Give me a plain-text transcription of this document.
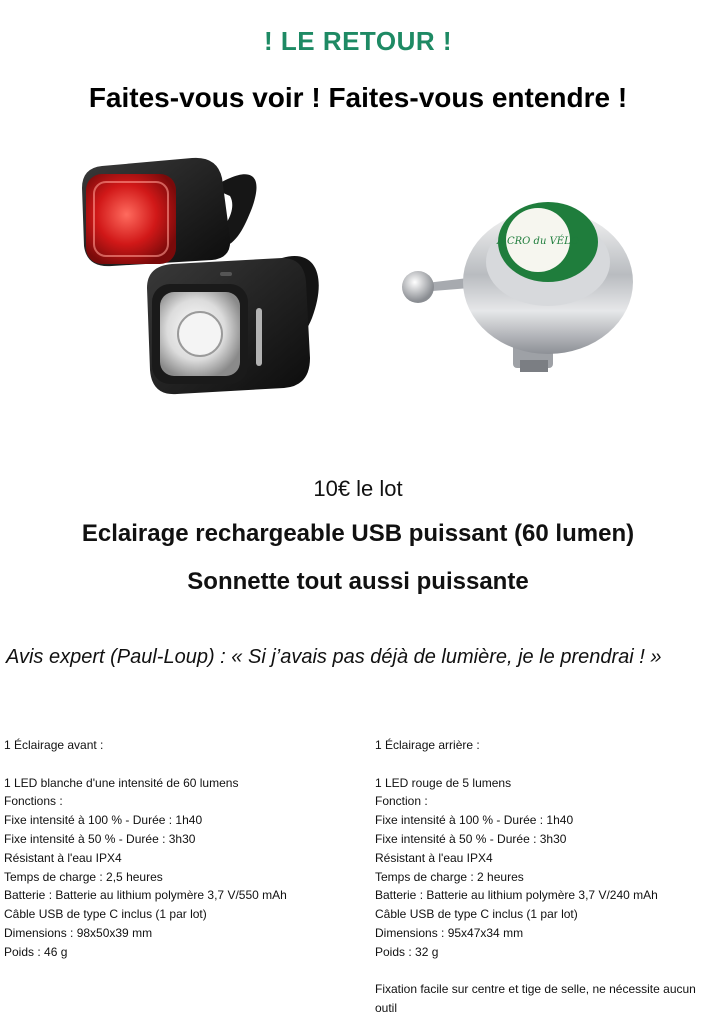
! LE RETOUR !
Faites-vous voir ! Faites-vous entendre !
A'CRO du VÉLO
10€ le lot
Eclairage rechargeable USB puissant (60 lumen)
Sonnette tout aussi puissante
Avis expert (Paul-Loup) : « Si j’avais pas déjà de lumière, je le prendrai ! »
1 Éclairage avant :
1 LED blanche d'une intensité de 60 lumens
Fonctions :
Fixe intensité à 100 % - Durée : 1h40
Fixe intensité à 50 % - Durée : 3h30
Résistant à l'eau IPX4
Temps de charge : 2,5 heures
Batterie : Batterie au lithium polymère 3,7 V/550 mAh
Câble USB de type C inclus (1 par lot)
Dimensions : 98x50x39 mm
Poids : 46 g
1 Éclairage arrière :
1 LED rouge de 5 lumens
Fonction :
Fixe intensité à 100 % - Durée : 1h40
Fixe intensité à 50 % - Durée : 3h30
Résistant à l'eau IPX4
Temps de charge : 2 heures
Batterie : Batterie au lithium polymère 3,7 V/240 mAh
Câble USB de type C inclus (1 par lot)
Dimensions : 95x47x34 mm
Poids : 32 g
Fixation facile sur centre et tige de selle, ne nécessite aucun outil
